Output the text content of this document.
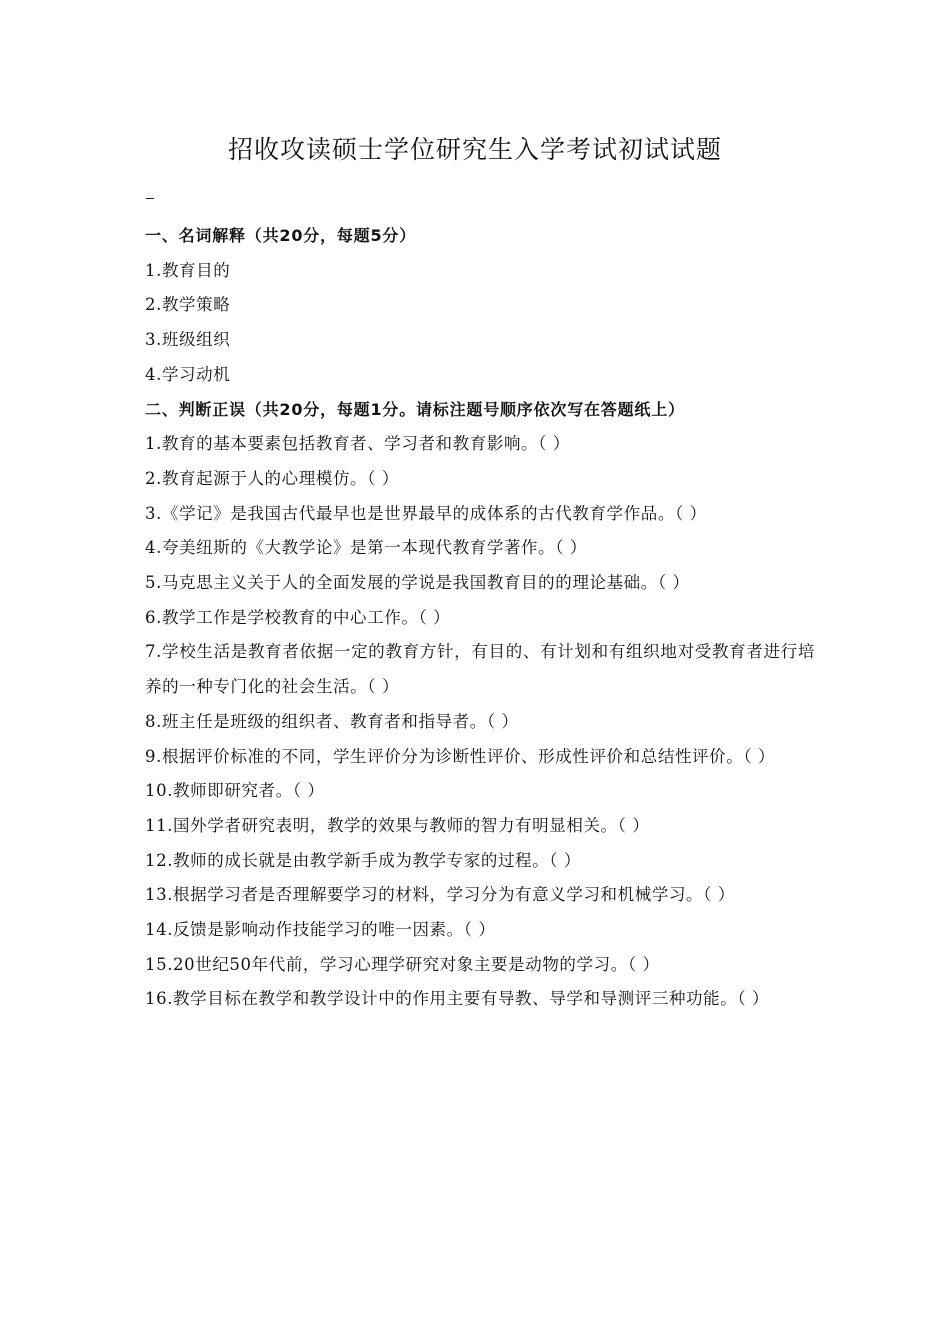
招收攻读硕士学位研究生入学考试初试试题
一、名词解释（共20分，每题5分）
1.教育目的
2.教学策略
3.班级组织
4.学习动机
二、判断正误（共20分，每题1分。请标注题号顺序依次写在答题纸上）
1.教育的基本要素包括教育者、学习者和教育影响。（ ）
2.教育起源于人的心理模仿。（ ）
3.《学记》是我国古代最早也是世界最早的成体系的古代教育学作品。（ ）
4.夸美纽斯的《大教学论》是第一本现代教育学著作。（ ）
5.马克思主义关于人的全面发展的学说是我国教育目的的理论基础。（ ）
6.教学工作是学校教育的中心工作。（ ）
7.学校生活是教育者依据一定的教育方针，有目的、有计划和有组织地对受教育者进行培养的一种专门化的社会生活。（ ）
8.班主任是班级的组织者、教育者和指导者。（ ）
9.根据评价标准的不同，学生评价分为诊断性评价、形成性评价和总结性评价。（ ）
10.教师即研究者。（ ）
11.国外学者研究表明，教学的效果与教师的智力有明显相关。（ ）
12.教师的成长就是由教学新手成为教学专家的过程。（ ）
13.根据学习者是否理解要学习的材料，学习分为有意义学习和机械学习。（ ）
14.反馈是影响动作技能学习的唯一因素。（ ）
15.20世纪50年代前，学习心理学研究对象主要是动物的学习。（ ）
16.教学目标在教学和教学设计中的作用主要有导教、导学和导测评三种功能。（ ）
